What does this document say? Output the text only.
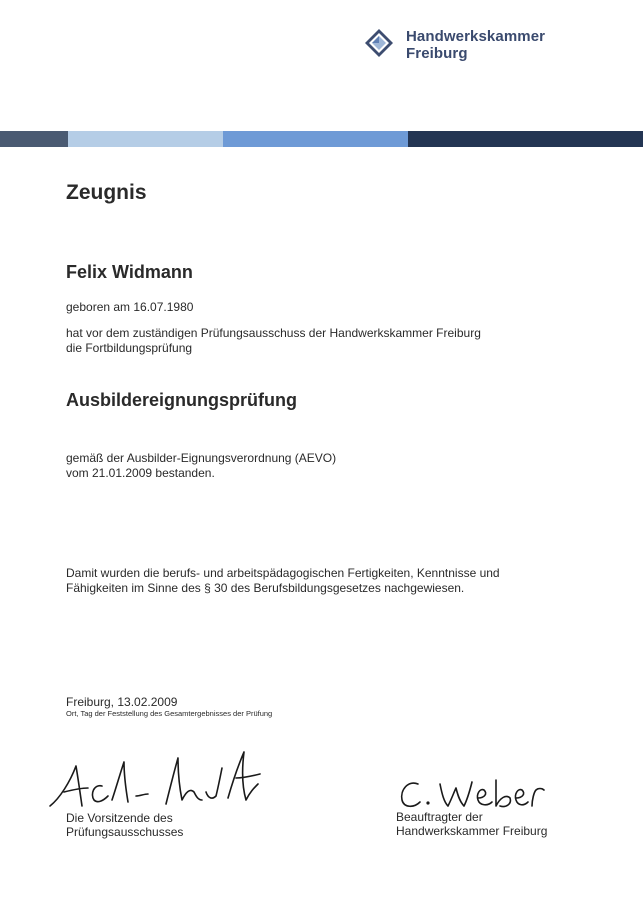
Handwerkskammer
Freiburg
Zeugnis
Felix Widmann
geboren am 16.07.1980
hat vor dem zuständigen Prüfungsausschuss der Handwerkskammer Freiburg
die Fortbildungsprüfung
Ausbildereignungsprüfung
gemäß der Ausbilder-Eignungsverordnung (AEVO)
vom 21.01.2009 bestanden.
Damit wurden die berufs- und arbeitspädagogischen Fertigkeiten, Kenntnisse und
Fähigkeiten im Sinne des § 30 des Berufsbildungsgesetzes nachgewiesen.
Freiburg, 13.02.2009
Ort, Tag der Feststellung des Gesamtergebnisses der Prüfung
Die Vorsitzende des
Prüfungsausschusses
Beauftragter der
Handwerkskammer Freiburg
